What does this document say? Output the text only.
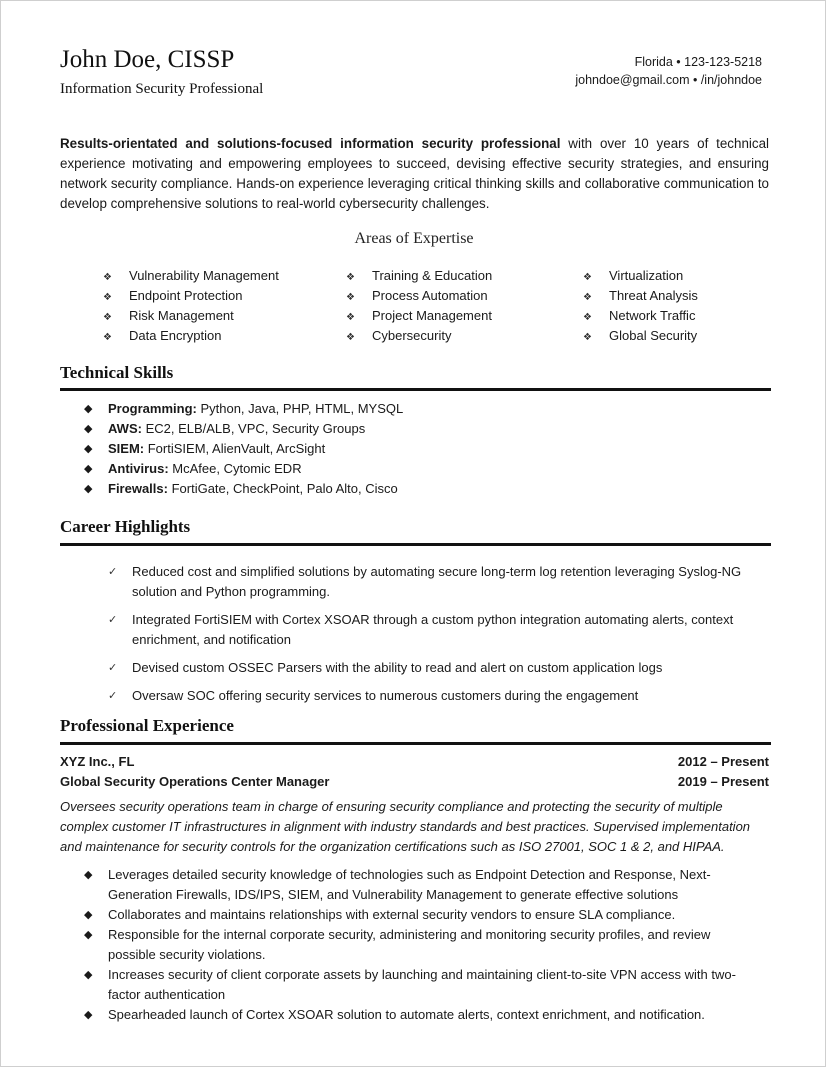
John Doe, CISSP
Information Security Professional
Florida • 123-123-5218
johndoe@gmail.com • /in/johndoe
Results-orientated and solutions-focused information security professional with over 10 years of technical experience motivating and empowering employees to succeed, devising effective security strategies, and ensuring network security compliance. Hands-on experience leveraging critical thinking skills and collaborative communication to develop comprehensive solutions to real-world cybersecurity challenges.
Areas of Expertise
❖ Vulnerability Management
❖ Endpoint Protection
❖ Risk Management
❖ Data Encryption
❖ Training & Education
❖ Process Automation
❖ Project Management
❖ Cybersecurity
❖ Virtualization
❖ Threat Analysis
❖ Network Traffic
❖ Global Security
Technical Skills
◆ Programming: Python, Java, PHP, HTML, MYSQL
◆ AWS: EC2, ELB/ALB, VPC, Security Groups
◆ SIEM: FortiSIEM, AlienVault, ArcSight
◆ Antivirus: McAfee, Cytomic EDR
◆ Firewalls: FortiGate, CheckPoint, Palo Alto, Cisco
Career Highlights
✓ Reduced cost and simplified solutions by automating secure long-term log retention leveraging Syslog-NG solution and Python programming.
✓ Integrated FortiSIEM with Cortex XSOAR through a custom python integration automating alerts, context enrichment, and notification
✓ Devised custom OSSEC Parsers with the ability to read and alert on custom application logs
✓ Oversaw SOC offering security services to numerous customers during the engagement
Professional Experience
XYZ Inc., FL	2012 – Present
Global Security Operations Center Manager	2019 – Present
Oversees security operations team in charge of ensuring security compliance and protecting the security of multiple complex customer IT infrastructures in alignment with industry standards and best practices. Supervised implementation and maintenance for security controls for the organization certifications such as ISO 27001, SOC 1 & 2, and HIPAA.
◆ Leverages detailed security knowledge of technologies such as Endpoint Detection and Response, Next-Generation Firewalls, IDS/IPS, SIEM, and Vulnerability Management to generate effective solutions
◆ Collaborates and maintains relationships with external security vendors to ensure SLA compliance.
◆ Responsible for the internal corporate security, administering and monitoring security profiles, and review possible security violations.
◆ Increases security of client corporate assets by launching and maintaining client-to-site VPN access with two-factor authentication
◆ Spearheaded launch of Cortex XSOAR solution to automate alerts, context enrichment, and notification.
